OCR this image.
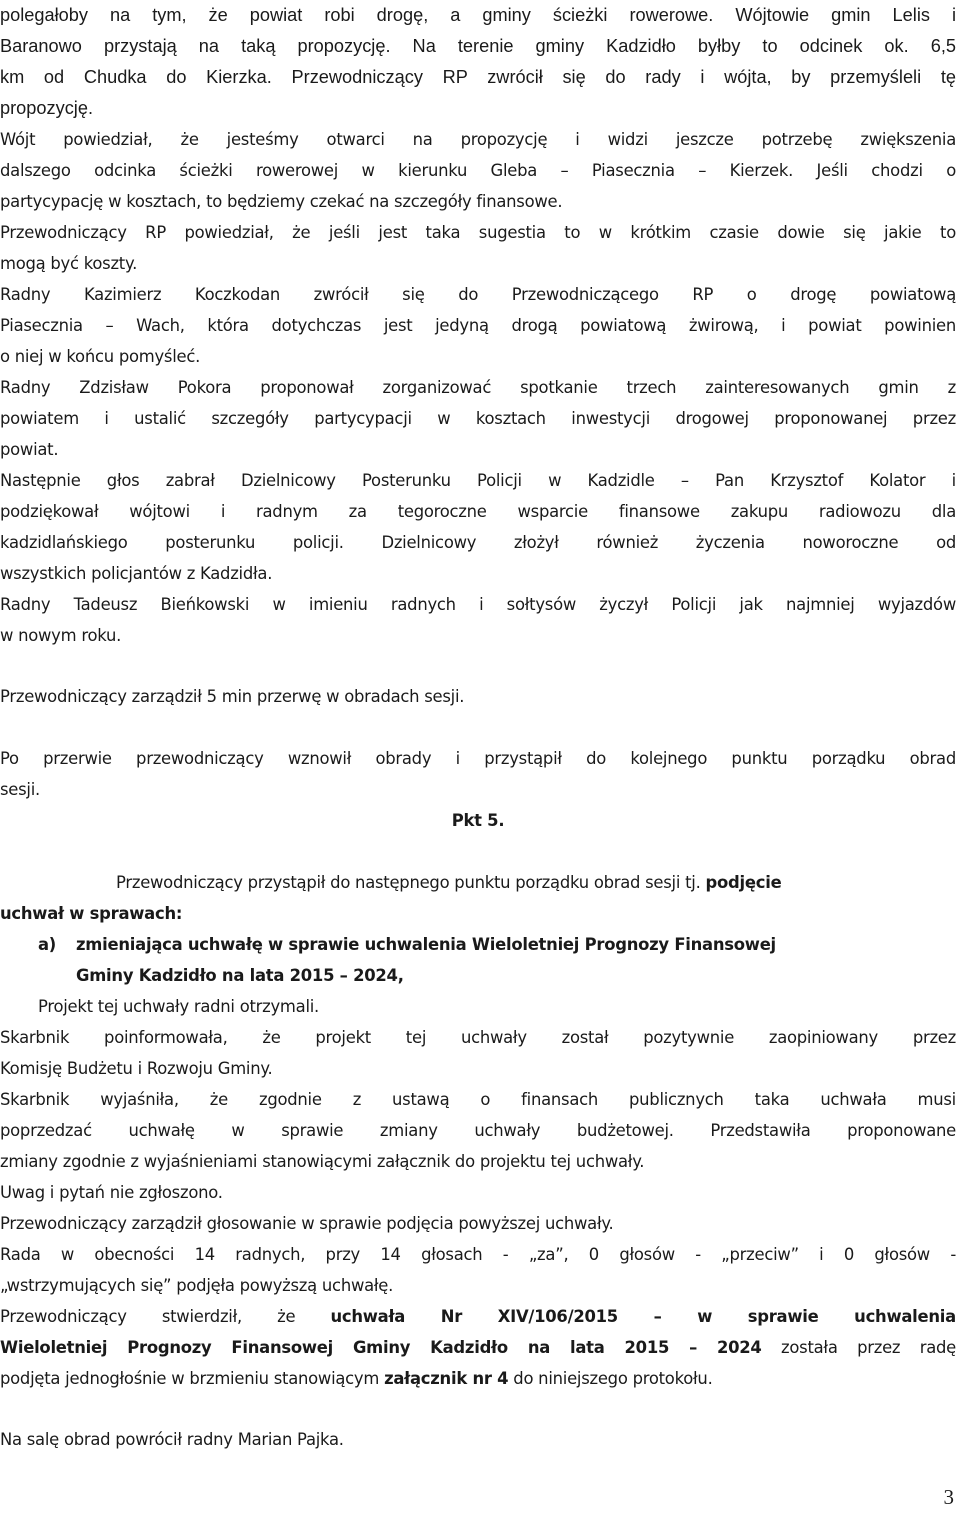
3
polegałoby na tym, że powiat robi drogę, a gminy ścieżki rowerowe. Wójtowie gmin Lelis i
Baranowo przystają na taką propozycję. Na terenie gminy Kadzidło byłby to odcinek ok. 6,5
km od Chudka do Kierzka. Przewodniczący RP zwrócił się do rady i wójta, by przemyśleli tę
propozycję.
Wójt powiedział, że jesteśmy otwarci na propozycję i widzi jeszcze potrzebę zwiększenia
dalszego odcinka ścieżki rowerowej w kierunku Gleba – Piasecznia – Kierzek. Jeśli chodzi o
partycypację w kosztach, to będziemy czekać na szczegóły finansowe.
Przewodniczący RP powiedział, że jeśli jest taka sugestia to w krótkim czasie dowie się jakie to
mogą być koszty.
Radny Kazimierz Koczkodan zwrócił się do Przewodniczącego RP o drogę powiatową
Piasecznia – Wach, która dotychczas jest jedyną drogą powiatową żwirową, i powiat powinien
o niej w końcu pomyśleć.
Radny Zdzisław Pokora proponował zorganizować spotkanie trzech zainteresowanych gmin z
powiatem i ustalić szczegóły partycypacji w kosztach inwestycji drogowej proponowanej przez
powiat.
Następnie głos zabrał Dzielnicowy Posterunku Policji w Kadzidle – Pan Krzysztof Kolator i
podziękował wójtowi i radnym za tegoroczne wsparcie finansowe zakupu radiowozu dla
kadzidlańskiego posterunku policji. Dzielnicowy złożył również życzenia noworoczne od
wszystkich policjantów z Kadzidła.
Radny Tadeusz Bieńkowski w imieniu radnych i sołtysów życzył Policji jak najmniej wyjazdów
w nowym roku.
Przewodniczący zarządził 5 min przerwę w obradach sesji.
Po przerwie przewodniczący wznowił obrady i przystąpił do kolejnego punktu porządku obrad
sesji.
Pkt 5.
Przewodniczący przystąpił do następnego punktu porządku obrad sesji tj. podjęcie
uchwał w sprawach:
a)	zmieniająca uchwałę w sprawie uchwalenia Wieloletniej Prognozy Finansowej
Gminy Kadzidło na lata 2015 – 2024,
Projekt tej uchwały radni otrzymali.
Skarbnik poinformowała, że projekt tej uchwały został pozytywnie zaopiniowany przez
Komisję Budżetu i Rozwoju Gminy.
Skarbnik wyjaśniła, że zgodnie z ustawą o finansach publicznych taka uchwała musi
poprzedzać uchwałę w sprawie zmiany uchwały budżetowej. Przedstawiła proponowane
zmiany zgodnie z wyjaśnieniami stanowiącymi załącznik do projektu tej uchwały.
Uwag i pytań nie zgłoszono.
Przewodniczący zarządził głosowanie w sprawie podjęcia powyższej uchwały.
Rada w obecności 14 radnych, przy 14 głosach - „za”, 0 głosów - „przeciw” i 0 głosów -
„wstrzymujących się” podjęła powyższą uchwałę.
Przewodniczący stwierdził, że uchwała Nr XIV/106/2015 – w sprawie uchwalenia
Wieloletniej Prognozy Finansowej Gminy Kadzidło na lata 2015 – 2024 została przez radę
podjęta jednogłośnie w brzmieniu stanowiącym załącznik nr 4 do niniejszego protokołu.
Na salę obrad powrócił radny Marian Pajka.
